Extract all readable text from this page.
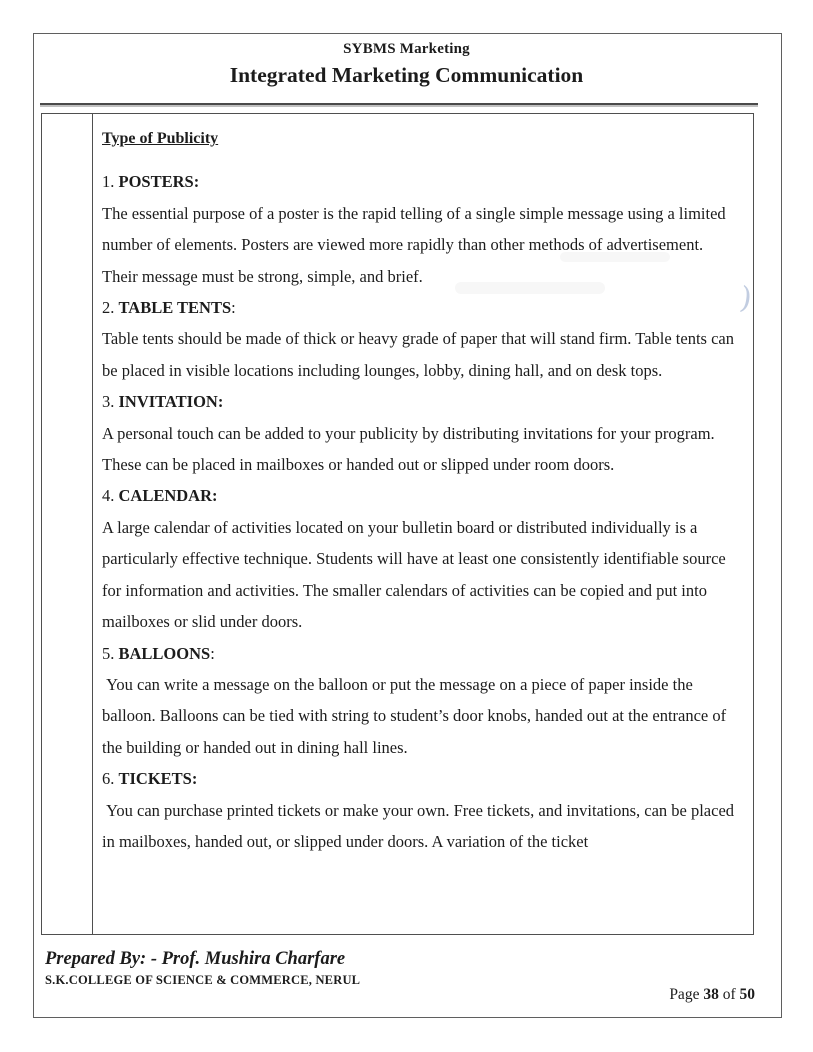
SYBMS Marketing
Integrated Marketing Communication

Type of Publicity

1. POSTERS:

The essential purpose of a poster is the rapid telling of a single simple message using a limited number of elements. Posters are viewed more rapidly than other methods of advertisement. Their message must be strong, simple, and brief.

2. TABLE TENTS:

Table tents should be made of thick or heavy grade of paper that will stand firm. Table tents can be placed in visible locations including lounges, lobby, dining hall, and on desk tops.

3. INVITATION:

A personal touch can be added to your publicity by distributing invitations for your program. These can be placed in mailboxes or handed out or slipped under room doors.

4. CALENDAR:

A large calendar of activities located on your bulletin board or distributed individually is a particularly effective technique. Students will have at least one consistently identifiable source for information and activities. The smaller calendars of activities can be copied and put into mailboxes or slid under doors.

5. BALLOONS:

You can write a message on the balloon or put the message on a piece of paper inside the balloon. Balloons can be tied with string to student’s door knobs, handed out at the entrance of the building or handed out in dining hall lines.

6. TICKETS:

You can purchase printed tickets or make your own. Free tickets, and invitations, can be placed in mailboxes, handed out, or slipped under doors. A variation of the ticket

)
Prepared By: - Prof. Mushira Charfare
S.K.COLLEGE OF SCIENCE & COMMERCE, NERUL
Page 38 of 50
